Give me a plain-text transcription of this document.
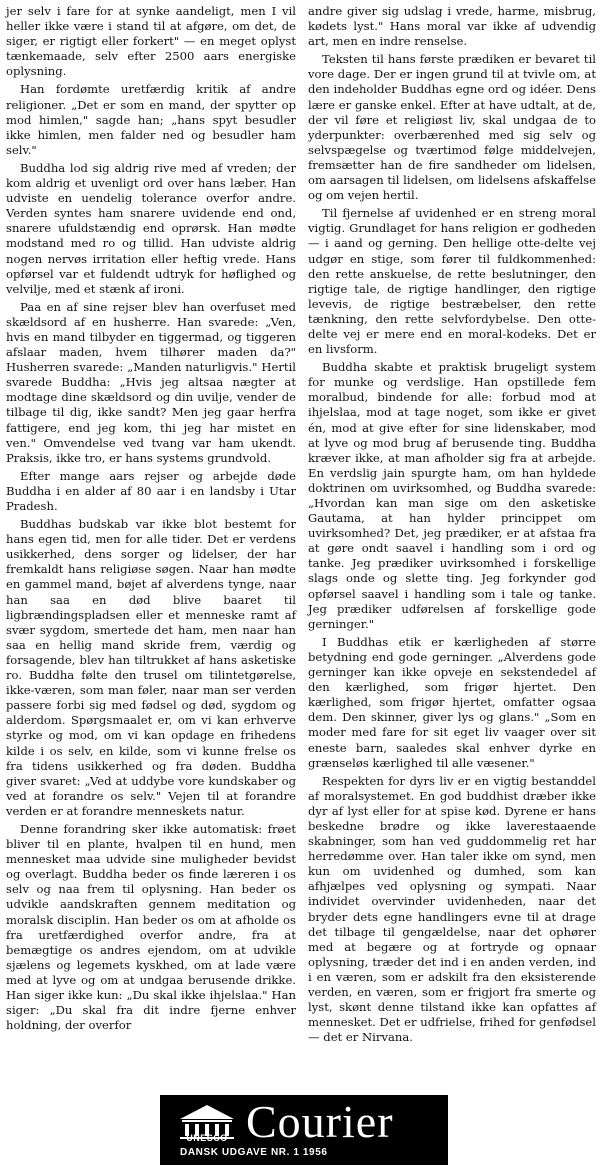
jer selv i fare for at synke aandeligt, men I vil heller ikke være i stand til at afgøre, om det, de siger, er rigtigt eller forkert" — en meget oplyst tænkemaade, selv efter 2500 aars energiske oplysning.

Han fordømte uretfærdig kritik af andre religioner. „Det er som en mand, der spytter op mod himlen," sagde han; „hans spyt besudler ikke himlen, men falder ned og besudler ham selv."

Buddha lod sig aldrig rive med af vreden; der kom aldrig et uvenligt ord over hans læber. Han udviste en uendelig tolerance overfor andre. Verden syntes ham snarere uvidende end ond, snarere ufuldstændig end oprørsk. Han mødte modstand med ro og tillid. Han udviste aldrig nogen nervøs irritation eller heftig vrede. Hans opførsel var et fuldendt udtryk for høflighed og velvilje, med et stænk af ironi.

Paa en af sine rejser blev han overfuset med skældsord af en husherre. Han svarede: „Ven, hvis en mand tilbyder en tiggermad, og tiggeren afslaar maden, hvem tilhører maden da?" Husherren svarede: „Manden naturligvis." Hertil svarede Buddha: „Hvis jeg altsaa nægter at modtage dine skældsord og din uvilje, vender de tilbage til dig, ikke sandt? Men jeg gaar herfra fattigere, end jeg kom, thi jeg har mistet en ven." Omvendelse ved tvang var ham ukendt. Praksis, ikke tro, er hans systems grundvold.

Efter mange aars rejser og arbejde døde Buddha i en alder af 80 aar i en landsby i Utar Pradesh.

Buddhas budskab var ikke blot bestemt for hans egen tid, men for alle tider. Det er verdens usikkerhed, dens sorger og lidelser, der har fremkaldt hans religiøse søgen. Naar han mødte en gammel mand, bøjet af alverdens tynge, naar han saa en død blive baaret til ligbrændingspladsen eller et menneske ramt af svær sygdom, smertede det ham, men naar han saa en hellig mand skride frem, værdig og forsagende, blev han tiltrukket af hans asketiske ro. Buddha følte den trusel om tilintetgørelse, ikke-væren, som man føler, naar man ser verden passere forbi sig med fødsel og død, sygdom og alderdom. Spørgsmaalet er, om vi kan erhverve styrke og mod, om vi kan opdage en frihedens kilde i os selv, en kilde, som vi kunne frelse os fra tidens usikkerhed og fra døden. Buddha giver svaret: „Ved at uddybe vore kundskaber og ved at forandre os selv." Vejen til at forandre verden er at forandre menneskets natur.

Denne forandring sker ikke automatisk: frøet bliver til en plante, hvalpen til en hund, men mennesket maa udvide sine muligheder bevidst og overlagt. Buddha beder os finde læreren i os selv og naa frem til oplysning. Han beder os udvikle aandskraften gennem meditation og moralsk disciplin. Han beder os om at afholde os fra uretfærdighed overfor andre, fra at bemægtige os andres ejendom, om at udvikle sjælens og legemets kyskhed, om at lade være med at lyve og om at undgaa berusende drikke. Han siger ikke kun: „Du skal ikke ihjelslaa." Han siger: „Du skal fra dit indre fjerne enhver holdning, der overfor

andre giver sig udslag i vrede, harme, misbrug, kødets lyst." Hans moral var ikke af udvendig art, men en indre renselse.

Teksten til hans første prædiken er bevaret til vore dage. Der er ingen grund til at tvivle om, at den indeholder Buddhas egne ord og idéer. Dens lære er ganske enkel. Efter at have udtalt, at de, der vil føre et religiøst liv, skal undgaa de to yderpunkter: overbærenhed med sig selv og selvspægelse og tværtimod følge middelvejen, fremsætter han de fire sandheder om lidelsen, om aarsagen til lidelsen, om lidelsens afskaffelse og om vejen hertil.

Til fjernelse af uvidenhed er en streng moral vigtig. Grundlaget for hans religion er godheden — i aand og gerning. Den hellige otte-delte vej udgør en stige, som fører til fuldkommenhed: den rette anskuelse, de rette beslutninger, den rigtige tale, de rigtige handlinger, den rigtige levevis, de rigtige bestræbelser, den rette tænkning, den rette selvfordybelse. Den otte-delte vej er mere end en moral-kodeks. Det er en livsform.

Buddha skabte et praktisk brugeligt system for munke og verdslige. Han opstillede fem moralbud, bindende for alle: forbud mod at ihjelslaa, mod at tage noget, som ikke er givet én, mod at give efter for sine lidenskaber, mod at lyve og mod brug af berusende ting. Buddha kræver ikke, at man afholder sig fra at arbejde. En verdslig jain spurgte ham, om han hyldede doktrinen om uvirksomhed, og Buddha svarede: „Hvordan kan man sige om den asketiske Gautama, at han hylder princippet om uvirksomhed? Det, jeg prædiker, er at afstaa fra at gøre ondt saavel i handling som i ord og tanke. Jeg prædiker uvirksomhed i forskellige slags onde og slette ting. Jeg forkynder god opførsel saavel i handling som i tale og tanke. Jeg prædiker udførelsen af forskellige gode gerninger."

I Buddhas etik er kærligheden af større betydning end gode gerninger. „Alverdens gode gerninger kan ikke opveje en sekstendedel af den kærlighed, som frigør hjertet. Den kærlighed, som frigør hjertet, omfatter ogsaa dem. Den skinner, giver lys og glans." „Som en moder med fare for sit eget liv vaager over sit eneste barn, saaledes skal enhver dyrke en grænseløs kærlighed til alle væsener."

Respekten for dyrs liv er en vigtig bestanddel af moralsystemet. En god buddhist dræber ikke dyr af lyst eller for at spise kød. Dyrene er hans beskedne brødre og ikke laverestaaende skabninger, som han ved guddommelig ret har herredømme over. Han taler ikke om synd, men kun om uvidenhed og dumhed, som kan afhjælpes ved oplysning og sympati. Naar individet overvinder uvidenheden, naar det bryder dets egne handlingers evne til at drage det tilbage til gengældelse, naar det ophører med at begære og at fortryde og opnaar oplysning, træder det ind i en anden verden, ind i en væren, som er adskilt fra den eksisterende verden, en væren, som er frigjort fra smerte og lyst, skønt denne tilstand ikke kan opfattes af mennesket. Det er udfrielse, frihed for genfødsel — det er Nirvana.

UNESCO Courier
DANSK UDGAVE NR. 1 1956
